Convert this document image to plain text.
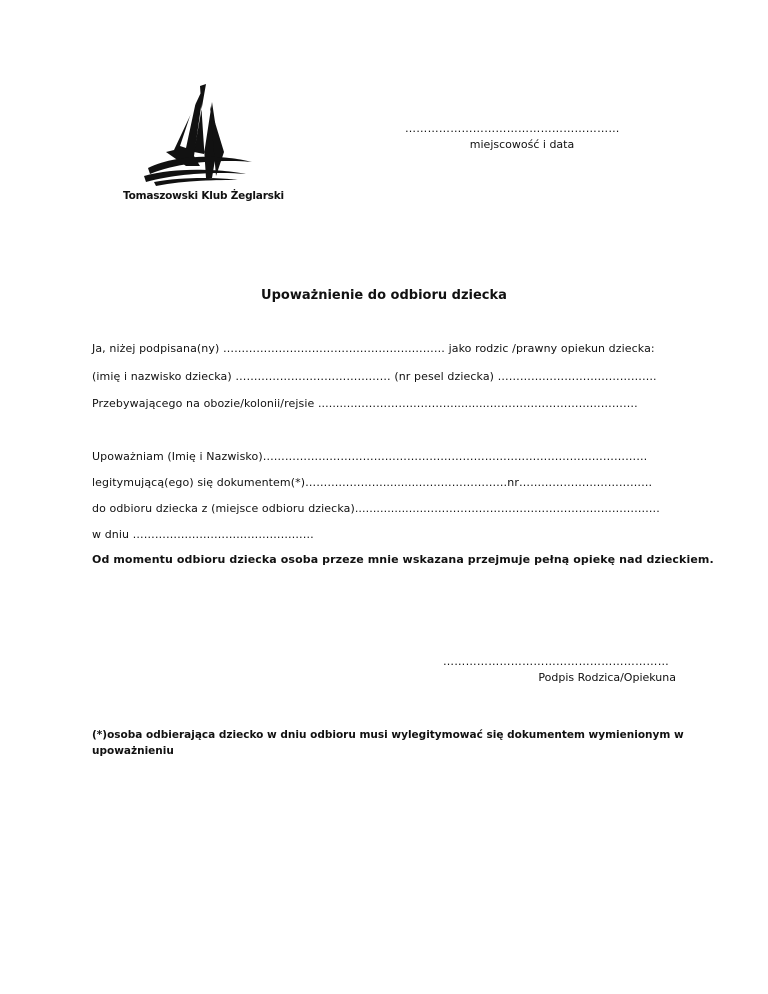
Tomaszowski Klub Żeglarski
…………………………………………………
miejscowość i data
Upoważnienie do odbioru dziecka
Ja, niżej podpisana(ny) …………………………………………………… jako rodzic /prawny opiekun dziecka:
(imię i nazwisko dziecka) …………………………………… (nr pesel dziecka) …………………………………….
Przebywającego na obozie/kolonii/rejsie ..........………………………..........………………………………….
Upoważniam (Imię i Nazwisko)…………………………………………………………..………………………………
legitymującą(ego) się dokumentem(*)………………….............…………………nr………………………………
do odbioru dziecka z (miejsce odbioru dziecka)...................……………………………………………………….
w dniu ………………….………………………
Od momentu odbioru dziecka osoba przeze mnie wskazana przejmuje pełną opiekę nad dzieckiem.
……………………………………………………
Podpis Rodzica/Opiekuna
(*)osoba odbierająca dziecko w dniu odbioru musi wylegitymować się dokumentem wymienionym w upoważnieniu
